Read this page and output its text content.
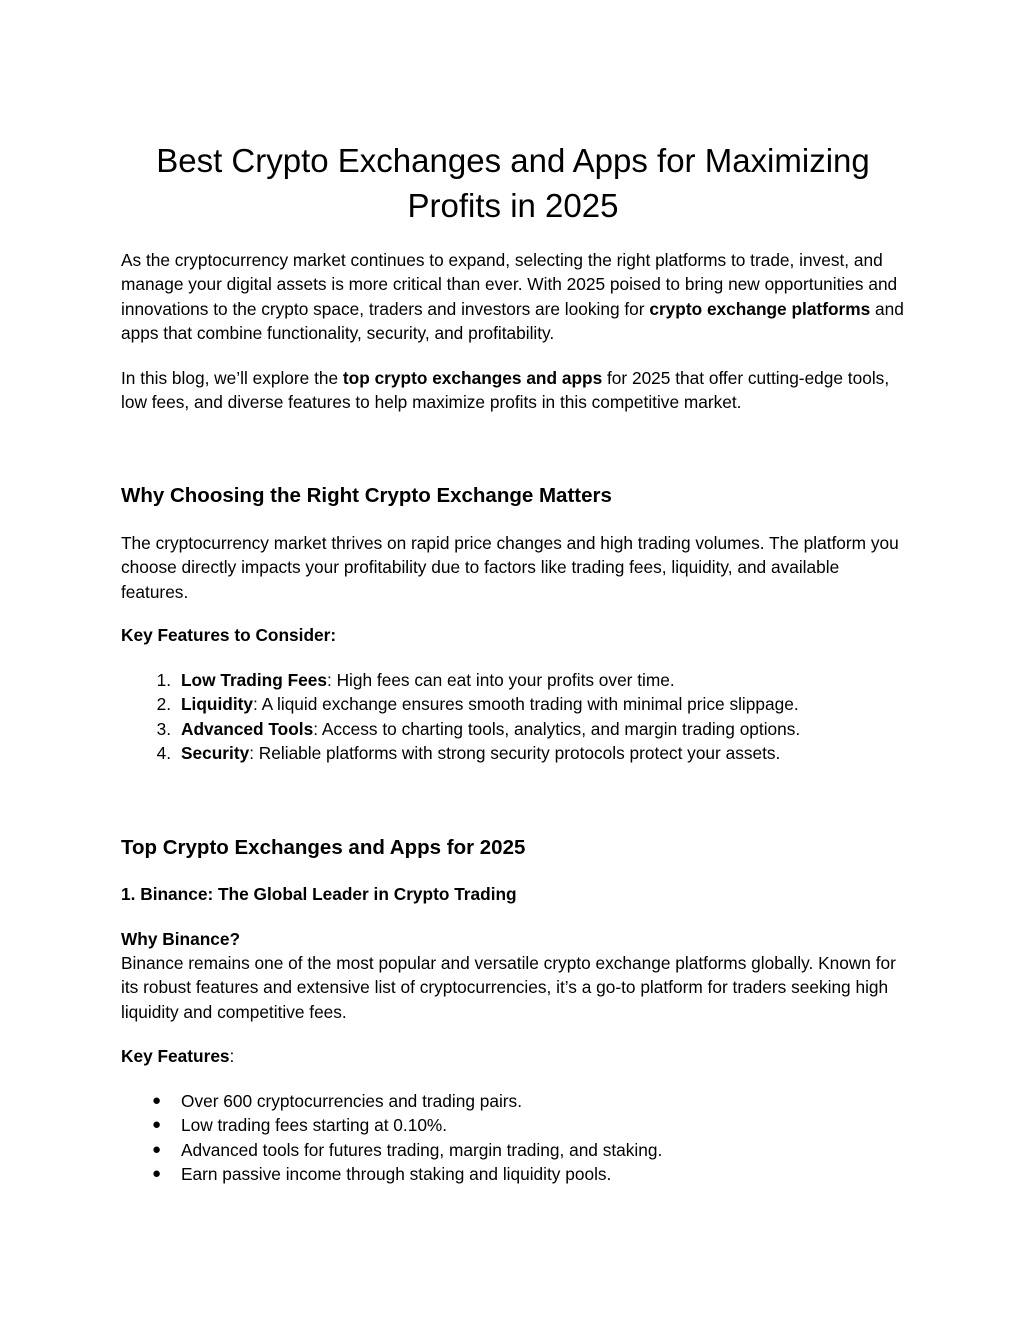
Best Crypto Exchanges and Apps for Maximizing Profits in 2025

As the cryptocurrency market continues to expand, selecting the right platforms to trade, invest, and manage your digital assets is more critical than ever. With 2025 poised to bring new opportunities and innovations to the crypto space, traders and investors are looking for crypto exchange platforms and apps that combine functionality, security, and profitability.

In this blog, we’ll explore the top crypto exchanges and apps for 2025 that offer cutting-edge tools, low fees, and diverse features to help maximize profits in this competitive market.

Why Choosing the Right Crypto Exchange Matters

The cryptocurrency market thrives on rapid price changes and high trading volumes. The platform you choose directly impacts your profitability due to factors like trading fees, liquidity, and available features.

Key Features to Consider:
1. Low Trading Fees: High fees can eat into your profits over time.
2. Liquidity: A liquid exchange ensures smooth trading with minimal price slippage.
3. Advanced Tools: Access to charting tools, analytics, and margin trading options.
4. Security: Reliable platforms with strong security protocols protect your assets.
Top Crypto Exchanges and Apps for 2025
1. Binance: The Global Leader in Crypto Trading
Why Binance?

Binance remains one of the most popular and versatile crypto exchange platforms globally. Known for its robust features and extensive list of cryptocurrencies, it’s a go-to platform for traders seeking high liquidity and competitive fees.

Key Features:

● Over 600 cryptocurrencies and trading pairs.
● Low trading fees starting at 0.10%.
● Advanced tools for futures trading, margin trading, and staking.
● Earn passive income through staking and liquidity pools.
